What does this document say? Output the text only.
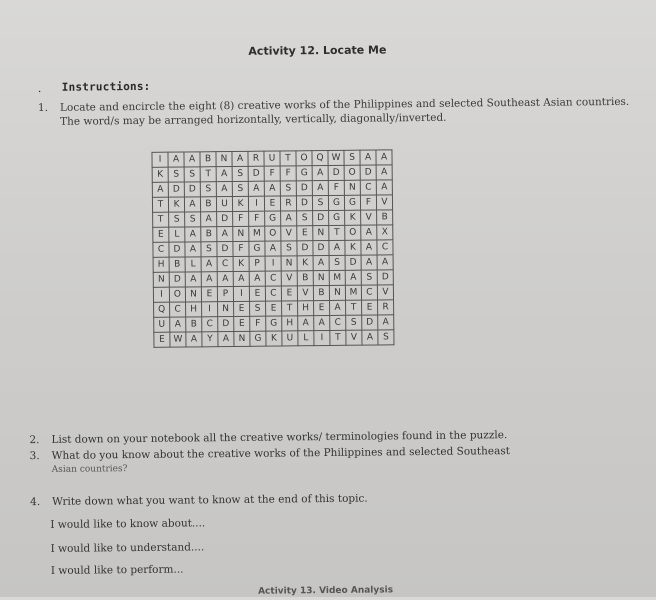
Activity 12. Locate Me
. Instructions:
1. Locate and encircle the eight (8) creative works of the Philippines and selected Southeast Asian countries. The word/s may be arranged horizontally, vertically, diagonally/inverted.
I	A	A	B	N	A	R	U	T	O	Q	W	S	A	A
K	S	S	T	A	S	D	F	F	G	A	D	O	D	A
A	D	D	S	A	S	A	A	S	D	A	F	N	C	A
T	K	A	B	U	K	I	E	R	D	S	G	G	F	V
T	S	S	A	D	F	F	G	A	S	D	G	K	V	B
E	L	A	B	A	N	M	O	V	E	N	T	O	A	X
C	D	A	S	D	F	G	A	S	D	D	A	K	A	C
H	B	L	A	C	K	P	I	N	K	A	S	D	A	A
N	D	A	A	A	A	A	C	V	B	N	M	A	S	D
I	O	N	E	P	I	E	C	E	V	B	N	M	C	V
Q	C	H	I	N	E	S	E	T	H	E	A	T	E	R
U	A	B	C	D	E	F	G	H	A	A	C	S	D	A
E	W	A	Y	A	N	G	K	U	L	I	T	V	A	S
2. List down on your notebook all the creative works/ terminologies found in the puzzle.
3. What do you know about the creative works of the Philippines and selected Southeast
Asian countries?
4. Write down what you want to know at the end of this topic.
I would like to know about....
I would like to understand....
I would like to perform...
Activity 13. Video Analysis
